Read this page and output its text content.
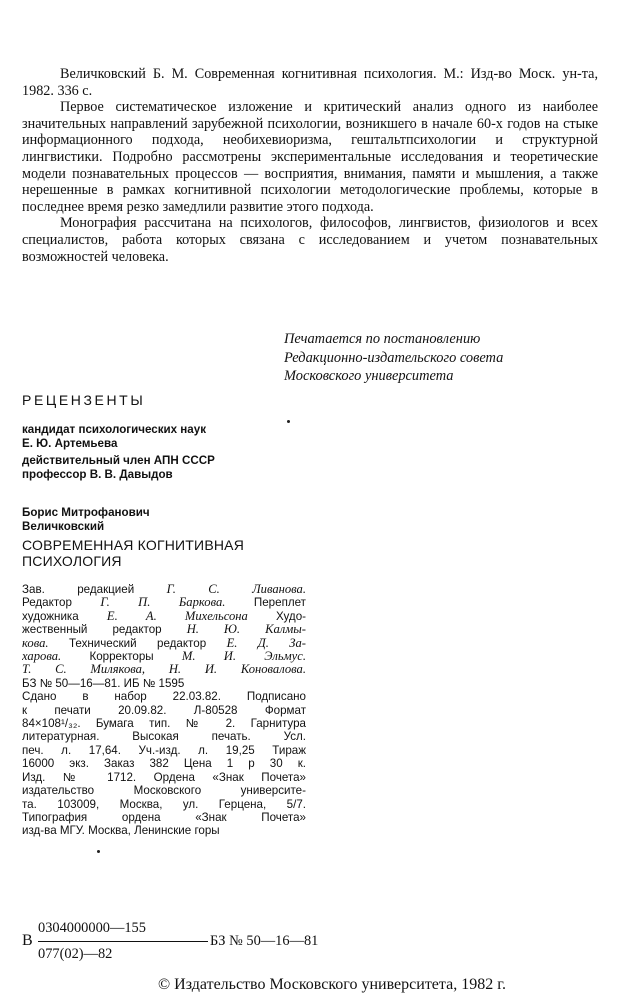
Величковский Б. М. Современная когнитивная психология. М.: Изд-во Моск. ун-та, 1982. 336 с.

Первое систематическое изложение и критический анализ одного из наиболее значительных направлений зарубежной психологии, возникшего в начале 60-х годов на стыке информационного подхода, необихевиоризма, гештальтпсихологии и структурной лингвистики. Подробно рассмотрены экспериментальные исследования и теоретические модели познавательных процессов — восприятия, внимания, памяти и мышления, а также нерешенные в рамках когнитивной психологии методологические проблемы, которые в последнее время резко замедлили развитие этого подхода.

Монография рассчитана на психологов, философов, лингвистов, физиологов и всех специалистов, работа которых связана с исследованием и учетом познавательных возможностей человека.

Печатается по постановлению
Редакционно-издательского совета
Московского университета
РЕЦЕНЗЕНТЫ
кандидат психологических наук
Е. Ю. Артемьева
действительный член АПН СССР
профессор В. В. Давыдов
Борис Митрофанович
Величковский
СОВРЕМЕННАЯ КОГНИТИВНАЯ
ПСИХОЛОГИЯ
Зав. редакцией Г. С. Ливанова.
Редактор Г. П. Баркова. Переплет
художника Е. А. Михельсона Худо-
жественный редактор Н. Ю. Калмы-
кова. Технический редактор Е. Д. За-
харова. Корректоры М. И. Эльмус.
Т. С. Милякова, Н. И. Коновалова.
БЗ № 50—16—81. ИБ № 1595
Сдано в набор 22.03.82. Подписано
к печати 20.09.82. Л-80528 Формат
84×108¹/₃₂. Бумага тип. № 2. Гарнитура
литературная. Высокая печать. Усл.
печ. л. 17,64. Уч.-изд. л. 19,25 Тираж
16000 экз. Заказ 382 Цена 1 р 30 к.
Изд. № 1712. Ордена «Знак Почета»
издательство Московского университе-
та. 103009, Москва, ул. Герцена, 5/7.
Типография ордена «Знак Почета»
изд-ва МГУ. Москва, Ленинские горы
В
0304000000—155
077(02)—82
БЗ № 50—16—81
© Издательство Московского университета, 1982 г.
